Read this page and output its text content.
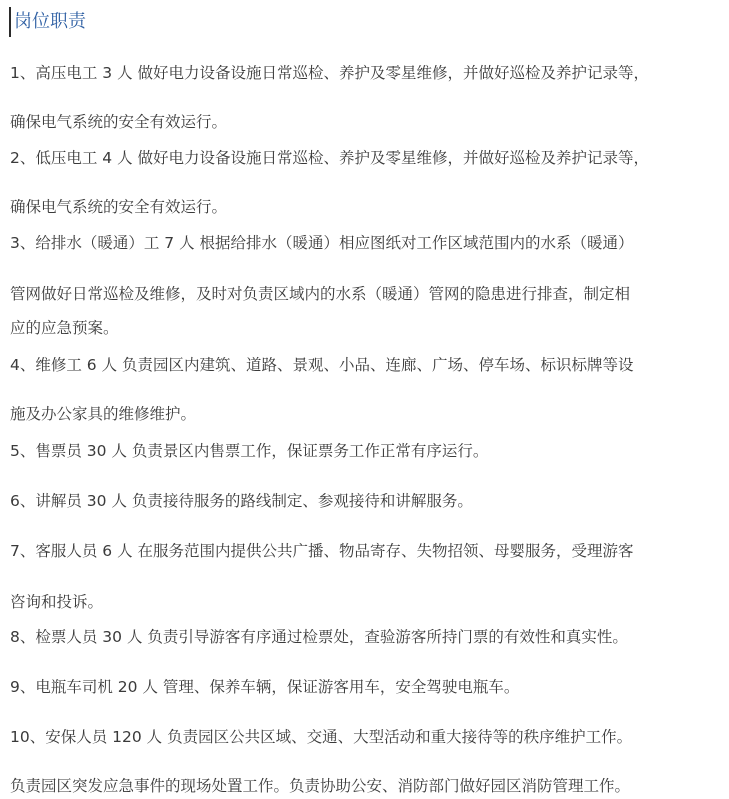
岗位职责
1、高压电工 3 人 做好电力设备设施日常巡检、养护及零星维修，并做好巡检及养护记录等，
确保电气系统的安全有效运行。
2、低压电工 4 人 做好电力设备设施日常巡检、养护及零星维修，并做好巡检及养护记录等，
确保电气系统的安全有效运行。
3、给排水（暖通）工 7 人 根据给排水（暖通）相应图纸对工作区域范围内的水系（暖通）
管网做好日常巡检及维修，及时对负责区域内的水系（暖通）管网的隐患进行排查，制定相
应的应急预案。
4、维修工 6 人 负责园区内建筑、道路、景观、小品、连廊、广场、停车场、标识标牌等设
施及办公家具的维修维护。
5、售票员 30 人 负责景区内售票工作，保证票务工作正常有序运行。
6、讲解员 30 人 负责接待服务的路线制定、参观接待和讲解服务。
7、客服人员 6 人 在服务范围内提供公共广播、物品寄存、失物招领、母婴服务，受理游客
咨询和投诉。
8、检票人员 30 人 负责引导游客有序通过检票处，查验游客所持门票的有效性和真实性。
9、电瓶车司机 20 人 管理、保养车辆，保证游客用车，安全驾驶电瓶车。
10、安保人员 120 人 负责园区公共区域、交通、大型活动和重大接待等的秩序维护工作。
负责园区突发应急事件的现场处置工作。负责协助公安、消防部门做好园区消防管理工作。
